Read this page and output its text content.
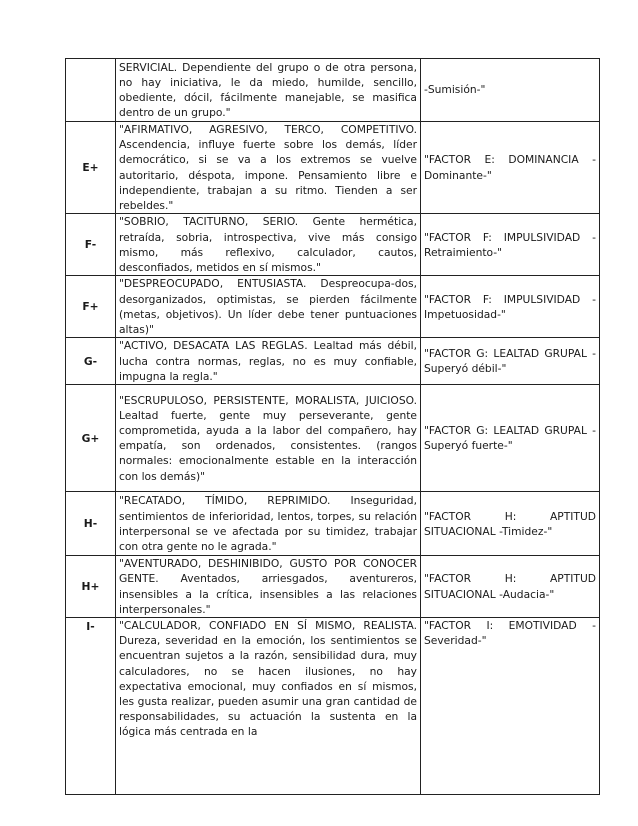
	SERVICIAL. Dependiente del grupo o de otra persona, no hay iniciativa, le da miedo, humilde, sencillo, obediente, dócil, fácilmente manejable, se masifica dentro de un grupo."	-Sumisión-"
E+	"AFIRMATIVO, AGRESIVO, TERCO, COMPETITIVO. Ascendencia, influye fuerte sobre los demás, líder democrático, si se va a los extremos se vuelve autoritario, déspota, impone. Pensamiento libre e independiente, trabajan a su ritmo. Tienden a ser rebeldes."	"FACTOR E: DOMINANCIA -Dominante-"
F-	"SOBRIO, TACITURNO, SERIO. Gente hermética, retraída, sobria, introspectiva, vive más consigo mismo, más reflexivo, calculador, cautos, desconfiados, metidos en sí mismos."	"FACTOR F: IMPULSIVIDAD -Retraimiento-"
F+	"DESPREOCUPADO, ENTUSIASTA. Despreocupa-dos, desorganizados, optimistas, se pierden fácilmente (metas, objetivos). Un líder debe tener puntuaciones altas)"	"FACTOR F: IMPULSIVIDAD -Impetuosidad-"
G-	"ACTIVO, DESACATA LAS REGLAS. Lealtad más débil, lucha contra normas, reglas, no es muy confiable, impugna la regla."	"FACTOR G: LEALTAD GRUPAL -Superyó débil-"
G+	"ESCRUPULOSO, PERSISTENTE, MORALISTA, JUICIOSO. Lealtad fuerte, gente muy perseverante, gente comprometida, ayuda a la labor del compañero, hay empatía, son ordenados, consistentes. (rangos normales: emocionalmente estable en la interacción con los demás)"	"FACTOR G: LEALTAD GRUPAL -Superyó fuerte-"
H-	"RECATADO, TÍMIDO, REPRIMIDO. Inseguridad, sentimientos de inferioridad, lentos, torpes, su relación interpersonal se ve afectada por su timidez, trabajar con otra gente no le agrada."	"FACTOR H: APTITUD SITUACIONAL -Timidez-"
H+	"AVENTURADO, DESHINIBIDO, GUSTO POR CONOCER GENTE. Aventados, arriesgados, aventureros, insensibles a la crítica, insensibles a las relaciones interpersonales."	"FACTOR H: APTITUD SITUACIONAL -Audacia-"
I-	"CALCULADOR, CONFIADO EN SÍ MISMO, REALISTA. Dureza, severidad en la emoción, los sentimientos se encuentran sujetos a la razón, sensibilidad dura, muy calculadores, no se hacen ilusiones, no hay expectativa emocional, muy confiados en sí mismos, les gusta realizar, pueden asumir una gran cantidad de responsabilidades, su actuación la sustenta en la lógica más centrada en la	"FACTOR I: EMOTIVIDAD -Severidad-"
